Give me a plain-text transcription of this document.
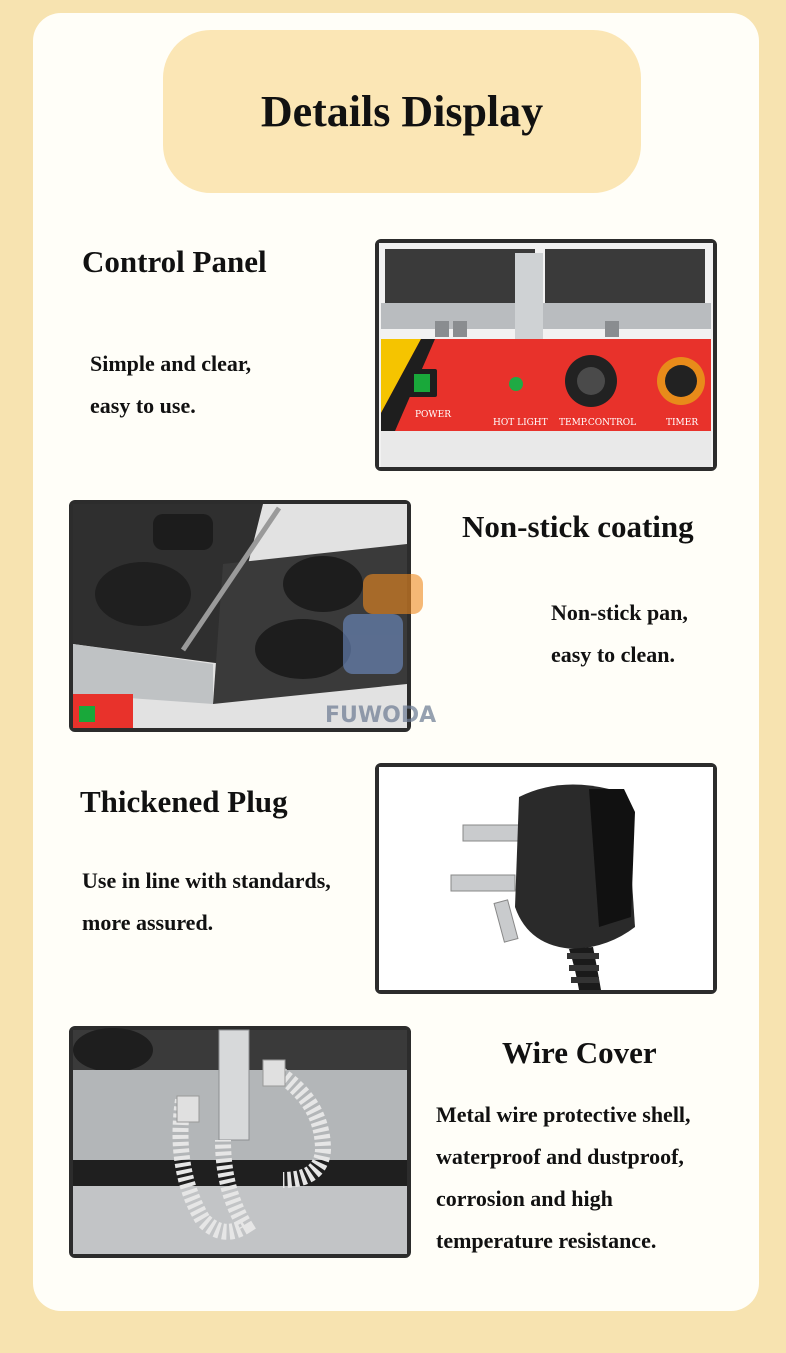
Details Display
Control Panel
Simple and clear,
easy to use.	POWER
HOT LIGHT TEMP.CONTROL	TIMER
FUWODA
Non-stick coating
Non-stick pan,
easy to clean.
Thickened Plug
Use in line with standards,
more assured.
Wire Cover
Metal wire protective shell,
waterproof and dustproof,
corrosion and high
temperature resistance.
